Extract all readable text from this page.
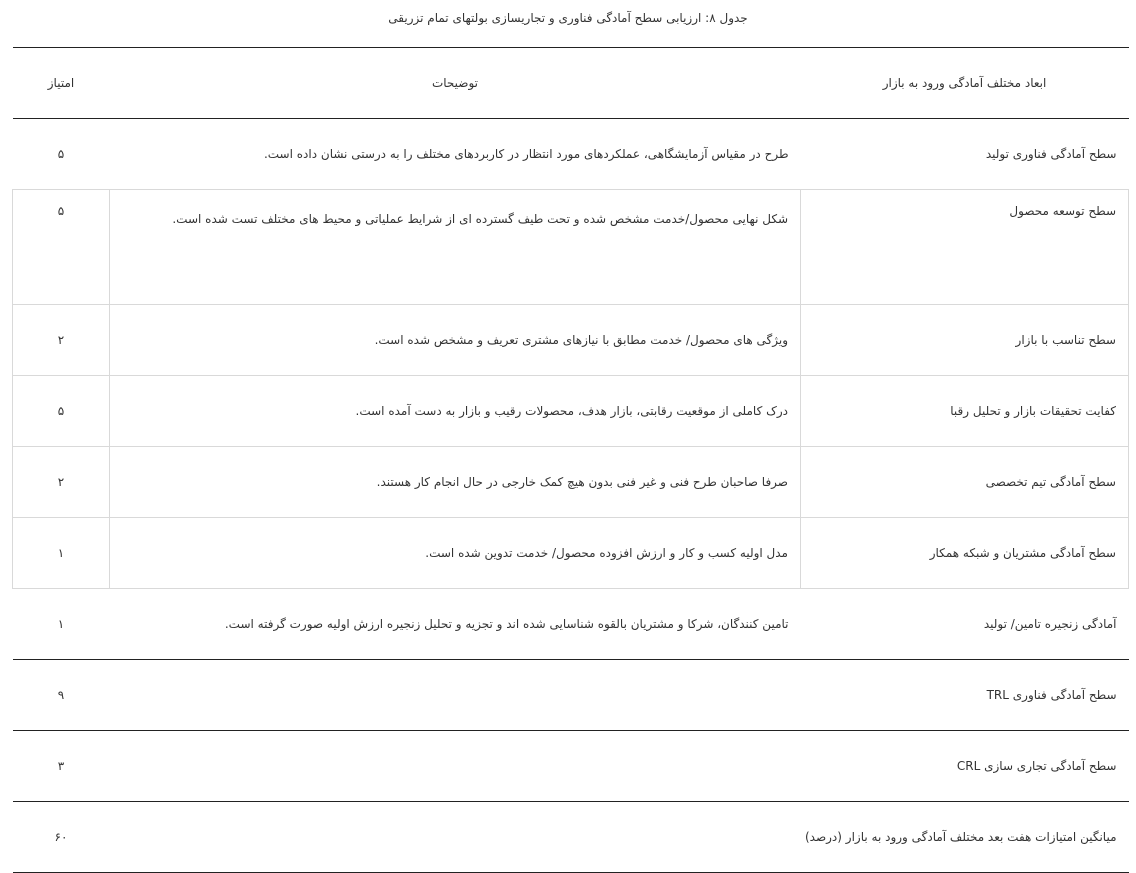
جدول ۸: ارزیابی سطح آمادگی فناوری و تجاریسازی بولتهای تمام تزریقی
ابعاد مختلف آمادگی ورود به بازار	توضیحات	امتیاز
سطح آمادگی فناوری تولید	طرح در مقیاس آزمایشگاهی، عملکردهای مورد انتظار در کاربردهای مختلف را به درستی نشان داده است.	۵
سطح توسعه محصول	شکل نهایی محصول/خدمت مشخص شده و تحت طیف گسترده ای از شرایط عملیاتی و محیط های مختلف تست شده است.	۵
سطح تناسب با بازار	ویژگی های محصول/ خدمت مطابق با نیازهای مشتری تعریف و مشخص شده است.	۲
کفایت تحقیقات بازار و تحلیل رقبا	درک کاملی از موقعیت رقابتی، بازار هدف، محصولات رقیب و بازار به دست آمده است.	۵
سطح آمادگی تیم تخصصی	صرفا صاحبان طرح فنی و غیر فنی بدون هیچ کمک خارجی در حال انجام کار هستند.	۲
سطح آمادگی مشتریان و شبکه همکار	مدل اولیه کسب و کار و ارزش افزوده محصول/ خدمت تدوین شده است.	۱
آمادگی زنجیره تامین/ تولید	تامین کنندگان، شرکا و مشتریان بالقوه شناسایی شده اند و تجزیه و تحلیل زنجیره ارزش اولیه صورت گرفته است.	۱
سطح آمادگی فناوری TRL		۹
سطح آمادگی تجاری سازی CRL		۳
میانگین امتیازات هفت بعد مختلف آمادگی ورود به بازار (درصد)		۶۰
